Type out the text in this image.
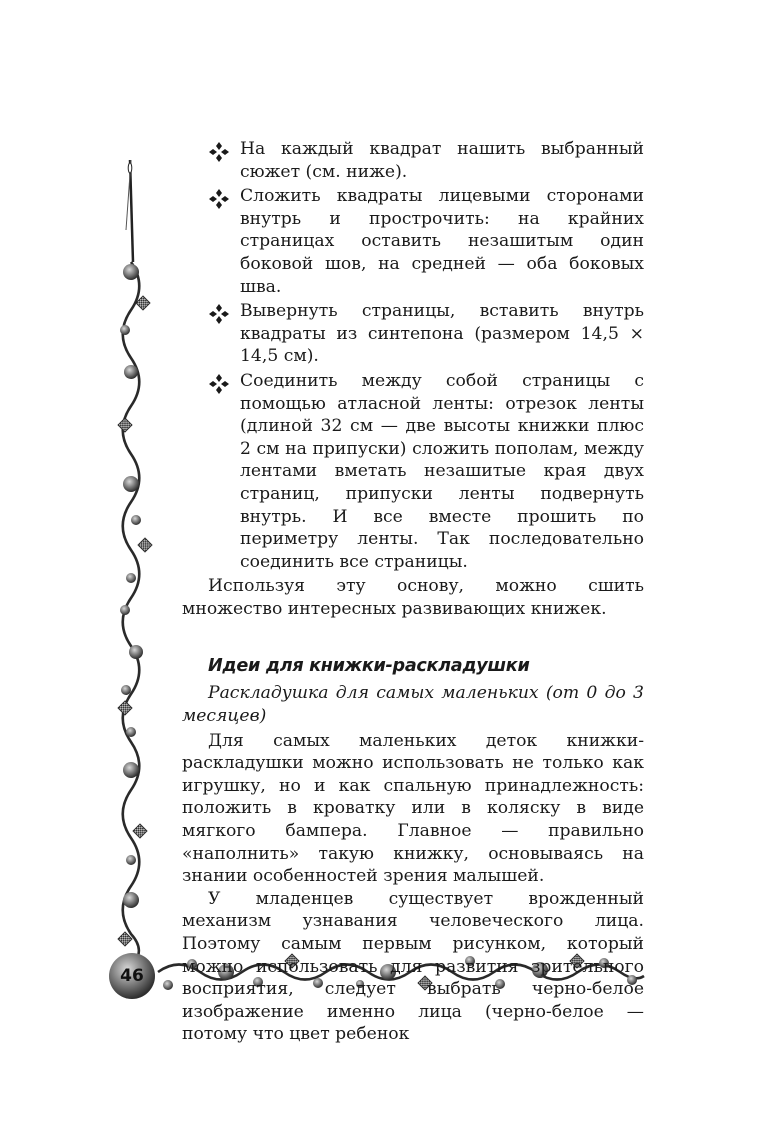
46
На каждый квадрат нашить выбранный сюжет (см. ниже).
Сложить квадраты лицевыми сторонами внутрь и прострочить: на крайних страницах оставить незашитым один боковой шов, на средней — оба боковых шва.
Вывернуть страницы, вставить внутрь квадраты из синтепона (размером 14,5 × 14,5 см).
Соединить между собой страницы с помощью атласной ленты: отрезок ленты (длиной 32 см — две высоты книжки плюс 2 см на припуски) сложить пополам, между лентами вметать незашитые края двух страниц, припуски ленты подвернуть внутрь. И все вместе прошить по периметру ленты. Так последовательно соединить все страницы.

Используя эту основу, можно сшить множество интересных развивающих книжек.

Идеи для книжки-раскладушки

Раскладушка для самых маленьких (от 0 до 3 месяцев)

Для самых маленьких деток книжки-раскладушки можно использовать не только как игрушку, но и как спальную принадлежность: положить в кроватку или в коляску в виде мягкого бампера. Главное — правильно «наполнить» такую книжку, основываясь на знании особенностей зрения малышей.

У младенцев существует врожденный механизм узнавания человеческого лица. Поэтому самым первым рисунком, который можно использовать для развития зрительного восприятия, следует выбрать черно-белое изображение именно лица (черно-белое — потому что цвет ребенок
